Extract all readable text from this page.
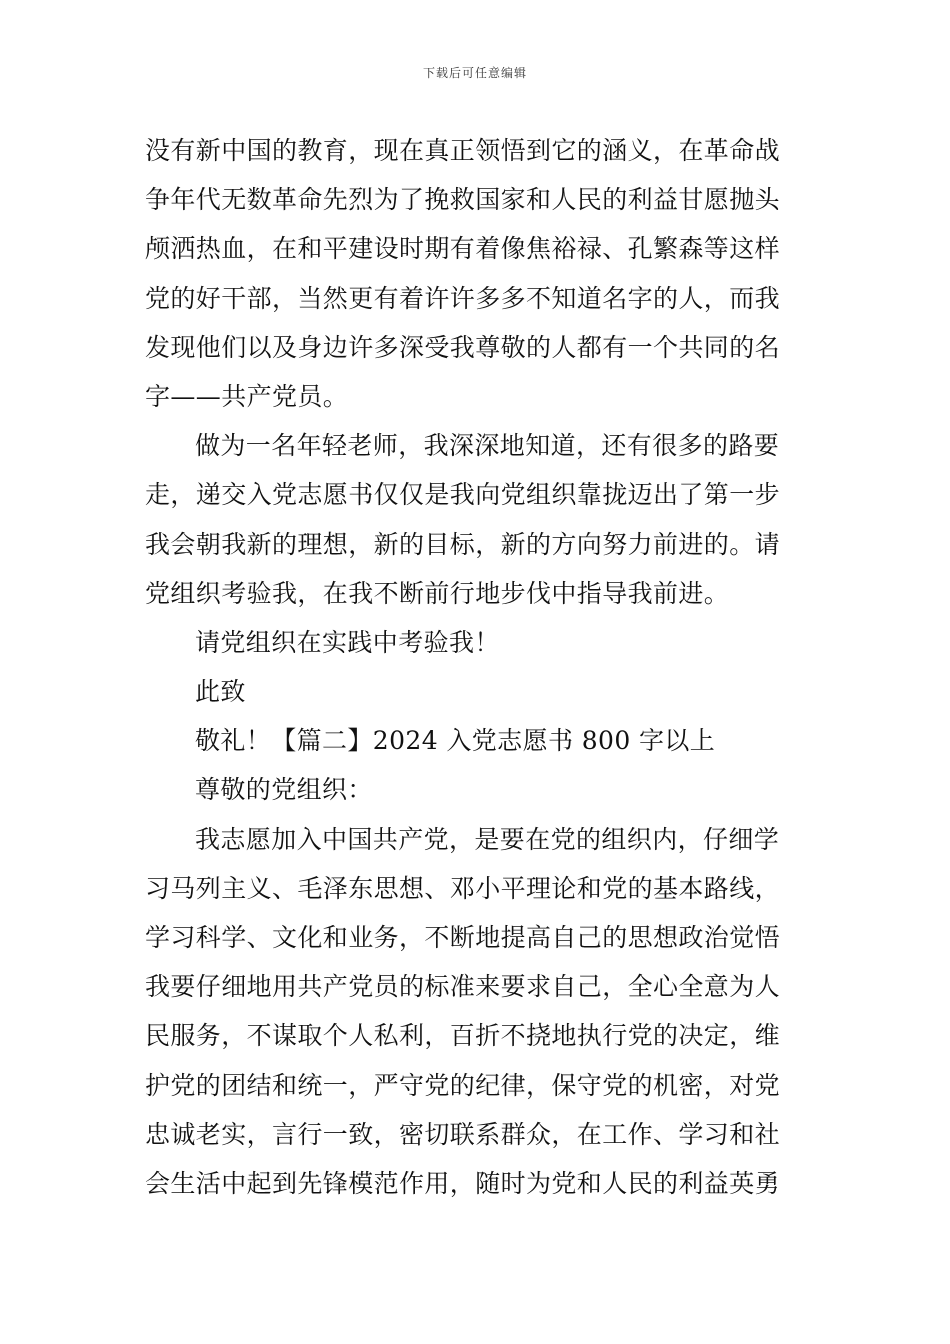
下载后可任意编辑
没有新中国的教育，现在真正领悟到它的涵义，在革命战
争年代无数革命先烈为了挽救国家和人民的利益甘愿抛头
颅洒热血，在和平建设时期有着像焦裕禄、孔繁森等这样
党的好干部，当然更有着许许多多不知道名字的人，而我
发现他们以及身边许多深受我尊敬的人都有一个共同的名
字——共产党员。
做为一名年轻老师，我深深地知道，还有很多的路要
走，递交入党志愿书仅仅是我向党组织靠拢迈出了第一步
我会朝我新的理想，新的目标，新的方向努力前进的。请
党组织考验我，在我不断前行地步伐中指导我前进。
请党组织在实践中考验我！
此致
敬礼！【篇二】2024 入党志愿书 800 字以上
尊敬的党组织：
我志愿加入中国共产党，是要在党的组织内，仔细学
习马列主义、毛泽东思想、邓小平理论和党的基本路线，
学习科学、文化和业务，不断地提高自己的思想政治觉悟
我要仔细地用共产党员的标准来要求自己，全心全意为人
民服务，不谋取个人私利，百折不挠地执行党的决定，维
护党的团结和统一，严守党的纪律，保守党的机密，对党
忠诚老实，言行一致，密切联系群众，在工作、学习和社
会生活中起到先锋模范作用，随时为党和人民的利益英勇
